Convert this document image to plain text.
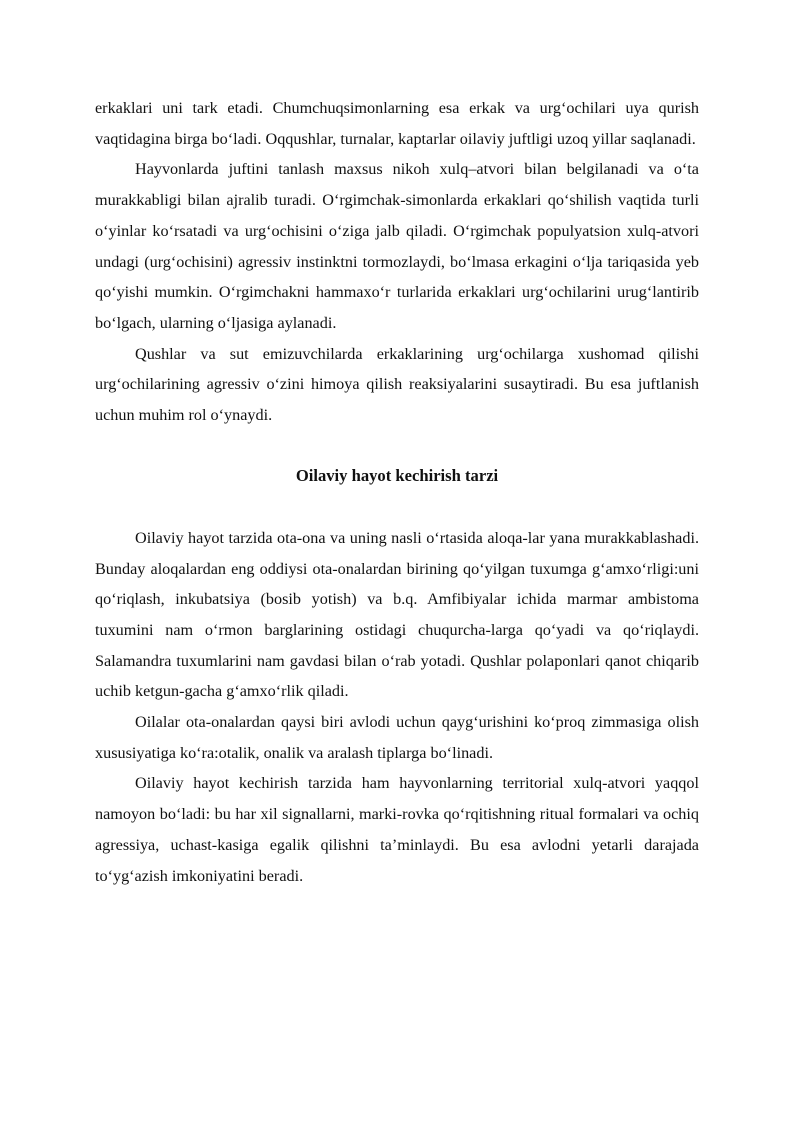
erkaklari uni tark etadi. Chumchuqsimonlarning esa erkak va urg‘ochilari uya qurish vaqtidagina birga bo‘ladi. Oqqushlar, turnalar, kaptarlar oilaviy juftligi uzoq yillar saqlanadi.

Hayvonlarda juftini tanlash maxsus nikoh xulq–atvori bilan belgilanadi va o‘ta murakkabligi bilan ajralib turadi. O‘rgimchak-simonlarda erkaklari qo‘shilish vaqtida turli o‘yinlar ko‘rsatadi va urg‘ochisini o‘ziga jalb qiladi. O‘rgimchak populyatsion xulq-atvori undagi (urg‘ochisini) agressiv instinktni tormozlaydi, bo‘lmasa erkagini o‘lja tariqasida yeb qo‘yishi mumkin. O‘rgimchakni hammaxo‘r turlarida erkaklari urg‘ochilarini urug‘lantirib bo‘lgach, ularning o‘ljasiga aylanadi.

Qushlar va sut emizuvchilarda erkaklarining urg‘ochilarga xushomad qilishi urg‘ochilarining agressiv o‘zini himoya qilish reaksiyalarini susaytiradi. Bu esa juftlanish uchun muhim rol o‘ynaydi.

Oilaviy hayot kechirish tarzi

Oilaviy hayot tarzida ota-ona va uning nasli o‘rtasida aloqa-lar yana murakkablashadi. Bunday aloqalardan eng oddiysi ota-onalardan birining qo‘yilgan tuxumga g‘amxo‘rligi:uni qo‘riqlash, inkubatsiya (bosib yotish) va b.q. Amfibiyalar ichida marmar ambistoma tuxumini nam o‘rmon barglarining ostidagi chuqurcha-larga qo‘yadi va qo‘riqlaydi. Salamandra tuxumlarini nam gavdasi bilan o‘rab yotadi. Qushlar polaponlari qanot chiqarib uchib ketgun-gacha g‘amxo‘rlik qiladi.

Oilalar ota-onalardan qaysi biri avlodi uchun qayg‘urishini ko‘proq zimmasiga olish xususiyatiga ko‘ra:otalik, onalik va aralash tiplarga bo‘linadi.

Oilaviy hayot kechirish tarzida ham hayvonlarning territorial xulq-atvori yaqqol namoyon bo‘ladi: bu har xil signallarni, marki-rovka qo‘rqitishning ritual formalari va ochiq agressiya, uchast-kasiga egalik qilishni ta’minlaydi. Bu esa avlodni yetarli darajada to‘yg‘azish imkoniyatini beradi.
